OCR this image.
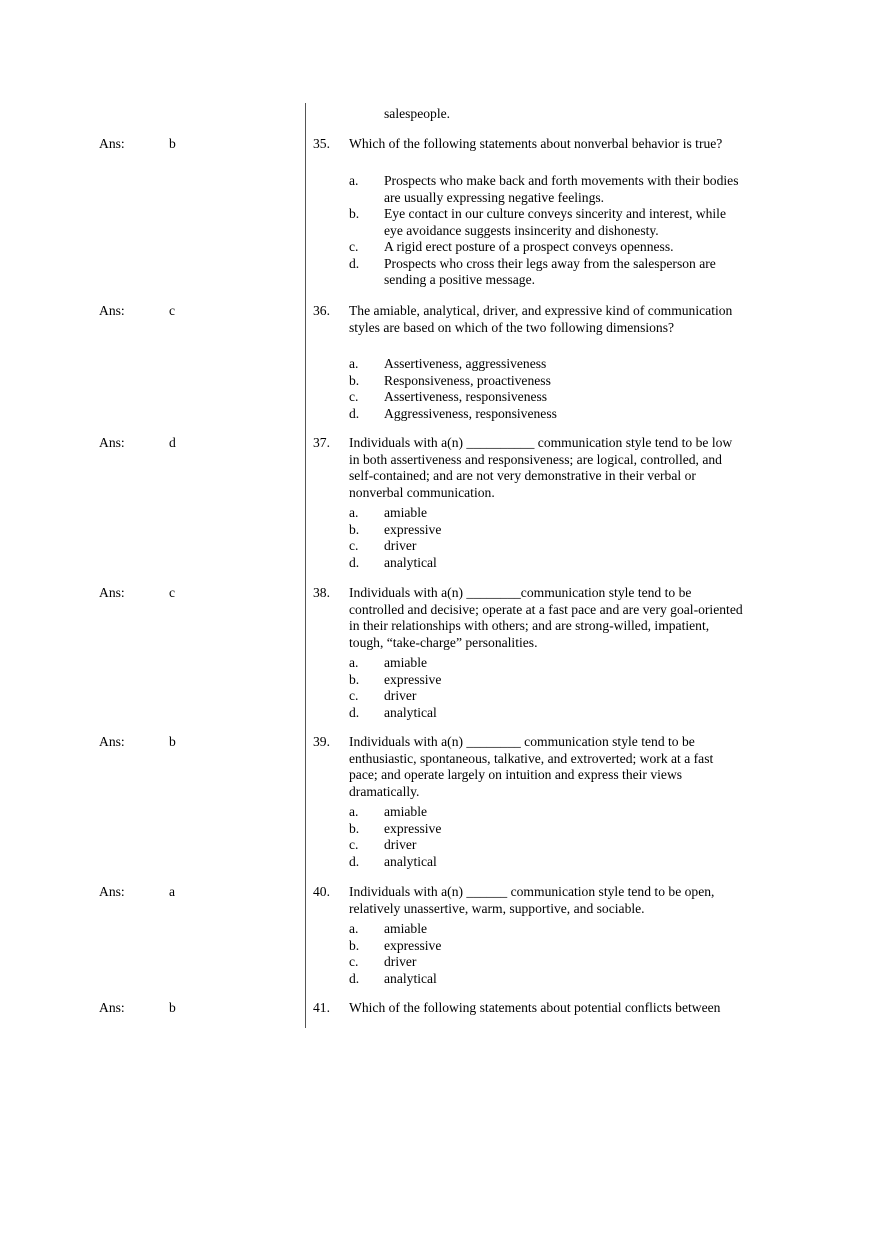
salespeople.
Ans:	b	35. Which of the following statements about nonverbal behavior is true?
a. Prospects who make back and forth movements with their bodies are usually expressing negative feelings.
b. Eye contact in our culture conveys sincerity and interest, while eye avoidance suggests insincerity and dishonesty.
c. A rigid erect posture of a prospect conveys openness.
d. Prospects who cross their legs away from the salesperson are sending a positive message.
Ans:	c	36. The amiable, analytical, driver, and expressive kind of communication styles are based on which of the two following dimensions?
a. Assertiveness, aggressiveness
b. Responsiveness, proactiveness
c. Assertiveness, responsiveness
d. Aggressiveness, responsiveness
Ans:	d	37. Individuals with a(n) __________ communication style tend to be low in both assertiveness and responsiveness; are logical, controlled, and self-contained; and are not very demonstrative in their verbal or nonverbal communication.
a. amiable
b. expressive
c. driver
d. analytical
Ans:	c	38. Individuals with a(n) ________communication style tend to be controlled and decisive; operate at a fast pace and are very goal-oriented in their relationships with others; and are strong-willed, impatient, tough, “take-charge” personalities.
a. amiable
b. expressive
c. driver
d. analytical
Ans:	b	39. Individuals with a(n) ________ communication style tend to be enthusiastic, spontaneous, talkative, and extroverted; work at a fast pace; and operate largely on intuition and express their views dramatically.
a. amiable
b. expressive
c. driver
d. analytical
Ans:	a	40. Individuals with a(n) ______ communication style tend to be open, relatively unassertive, warm, supportive, and sociable.
a. amiable
b. expressive
c. driver
d. analytical
Ans:	b	41. Which of the following statements about potential conflicts between
